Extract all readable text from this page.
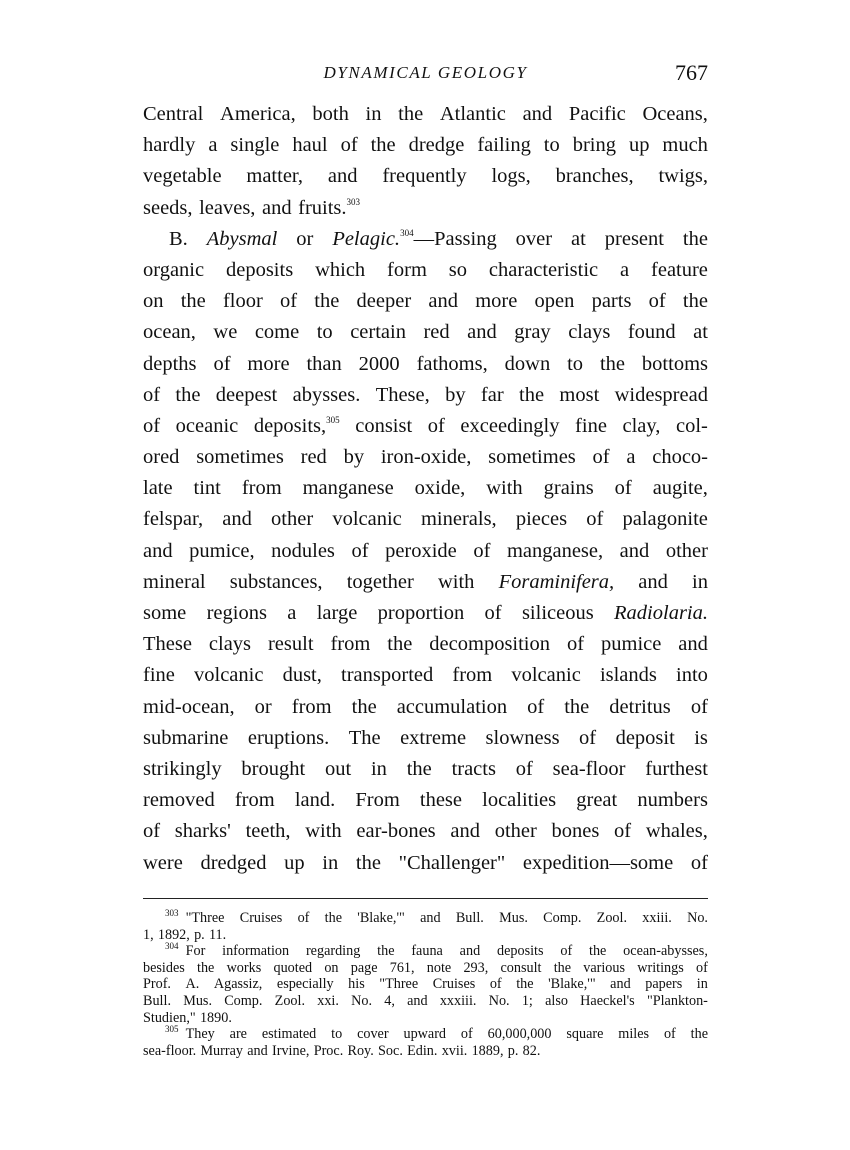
DYNAMICAL GEOLOGY	767
Central America, both in the Atlantic and Pacific Oceans,
hardly a single haul of the dredge failing to bring up much
vegetable matter, and frequently logs, branches, twigs,
seeds, leaves, and fruits.$^{303}$
B. Abysmal or Pelagic.$^{304}$—Passing over at present the
organic deposits which form so characteristic a feature
on the floor of the deeper and more open parts of the
ocean, we come to certain red and gray clays found at
depths of more than 2000 fathoms, down to the bottoms
of the deepest abysses. These, by far the most widespread
of oceanic deposits,$^{305}$ consist of exceedingly fine clay, col-
ored sometimes red by iron-oxide, sometimes of a choco-
late tint from manganese oxide, with grains of augite,
felspar, and other volcanic minerals, pieces of palagonite
and pumice, nodules of peroxide of manganese, and other
mineral substances, together with Foraminifera, and in
some regions a large proportion of siliceous Radiolaria.
These clays result from the decomposition of pumice and
fine volcanic dust, transported from volcanic islands into
mid-ocean, or from the accumulation of the detritus of
submarine eruptions. The extreme slowness of deposit is
strikingly brought out in the tracts of sea-floor furthest
removed from land. From these localities great numbers
of sharks' teeth, with ear-bones and other bones of whales,
were dredged up in the "Challenger" expedition—some of
$^{303}$ "Three Cruises of the 'Blake,'" and Bull. Mus. Comp. Zool. xxiii. No.
1, 1892, p. 11.
$^{304}$ For information regarding the fauna and deposits of the ocean-abysses,
besides the works quoted on page 761, note 293, consult the various writings of
Prof. A. Agassiz, especially his "Three Cruises of the 'Blake,'" and papers in
Bull. Mus. Comp. Zool. xxi. No. 4, and xxxiii. No. 1; also Haeckel's "Plankton-
Studien," 1890.
$^{305}$ They are estimated to cover upward of 60,000,000 square miles of the
sea-floor. Murray and Irvine, Proc. Roy. Soc. Edin. xvii. 1889, p. 82.
